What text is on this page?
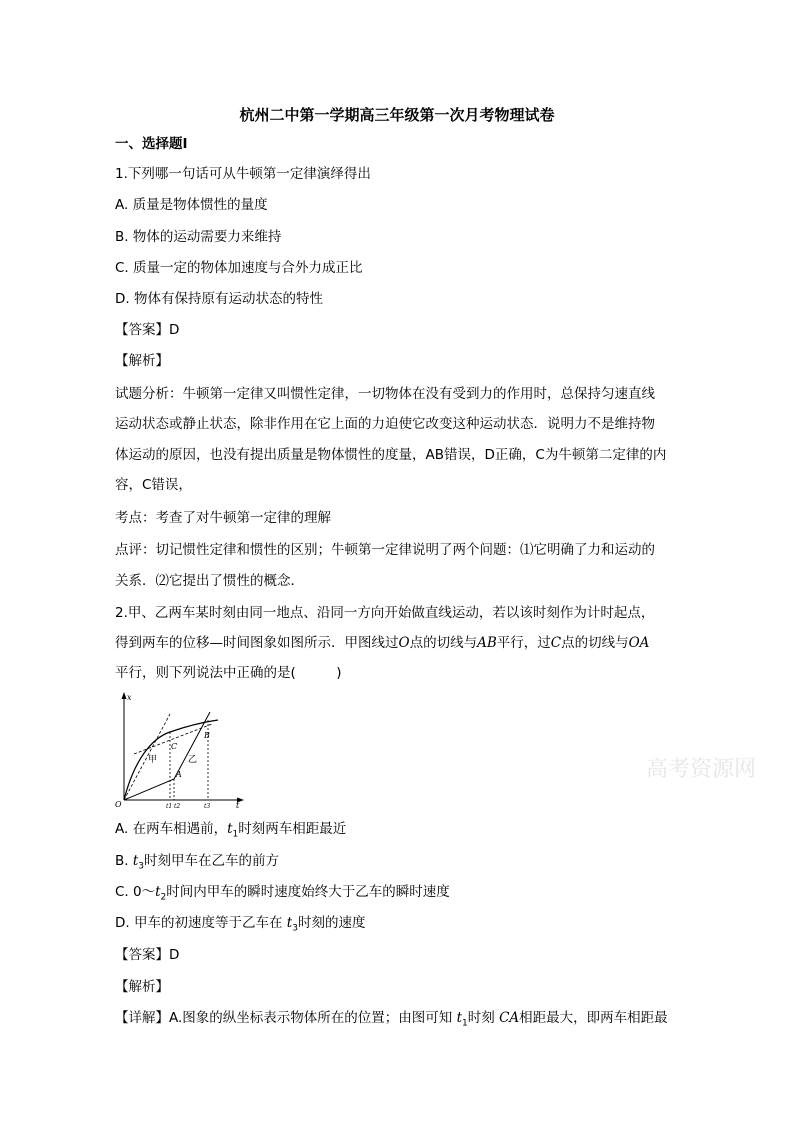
杭州二中第一学期高三年级第一次月考物理试卷
一、选择题Ⅰ
1.下列哪一句话可从牛顿第一定律演绎得出
A. 质量是物体惯性的量度
B. 物体的运动需要力来维持
C. 质量一定的物体加速度与合外力成正比
D. 物体有保持原有运动状态的特性
【答案】D
【解析】
试题分析：牛顿第一定律又叫惯性定律，一切物体在没有受到力的作用时，总保持匀速直线
运动状态或静止状态，除非作用在它上面的力迫使它改变这种运动状态．说明力不是维持物
体运动的原因，也没有提出质量是物体惯性的度量，AB错误，D正确，C为牛顿第二定律的内
容，C错误，
考点：考查了对牛顿第一定律的理解
点评：切记惯性定律和惯性的区别；牛顿第一定律说明了两个问题：⑴它明确了力和运动的
关系．⑵它提出了惯性的概念．
2.甲、乙两车某时刻由同一地点、沿同一方向开始做直线运动，若以该时刻作为计时起点，
得到两车的位移—时间图象如图所示．甲图线过O点的切线与AB平行，过C点的切线与OA
平行，则下列说法中正确的是(　　　)
x
t
O
C
B
A
甲	乙
t1 t2	t3
高考资源网
A. 在两车相遇前，$t_1$时刻两车相距最近
B. $t_3$时刻甲车在乙车的前方
C. $0\sim t_2$时间内甲车的瞬时速度始终大于乙车的瞬时速度
D. 甲车的初速度等于乙车在 $t_3$时刻的速度
【答案】D
【解析】
【详解】A.图象的纵坐标表示物体所在的位置；由图可知 $t_1$时刻 CA相距最大，即两车相距最
